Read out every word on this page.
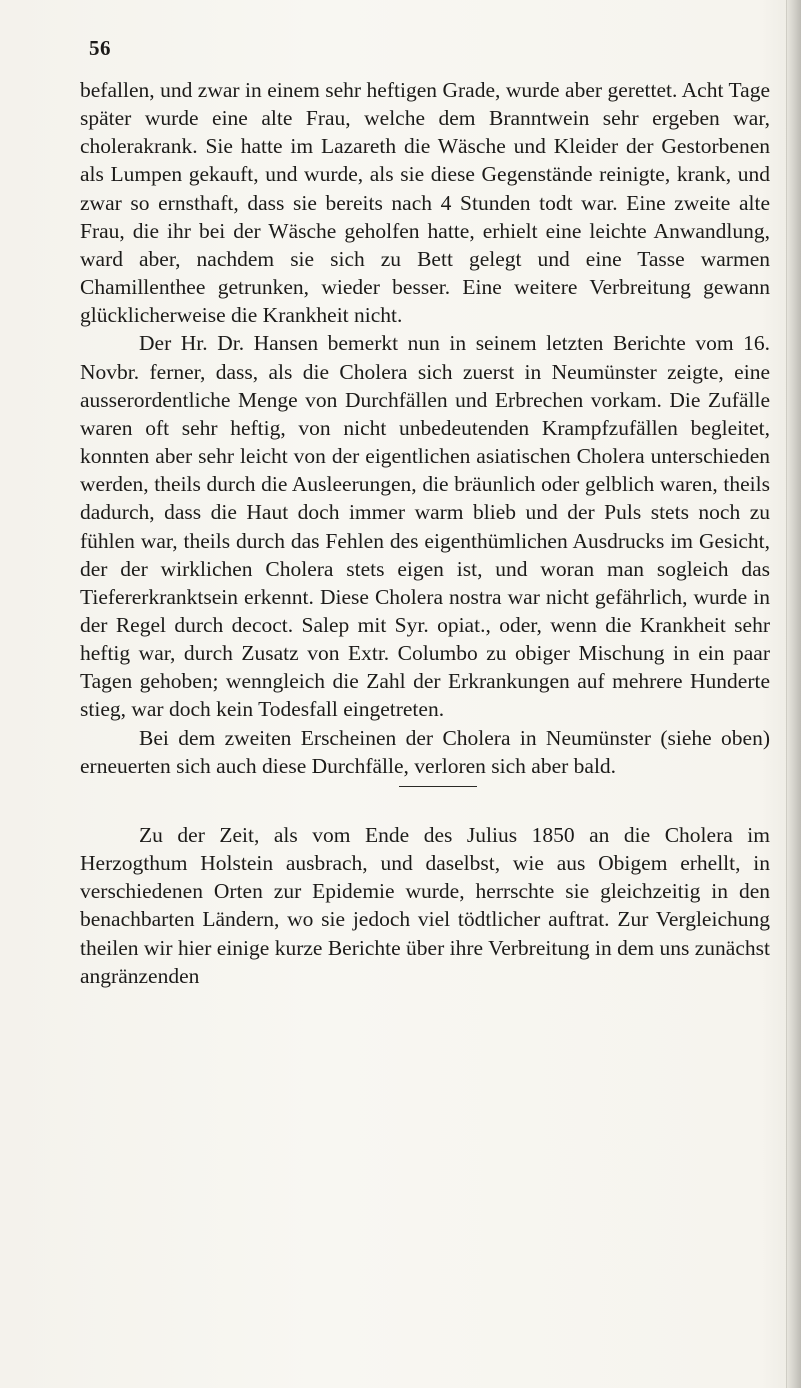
56

befallen, und zwar in einem sehr heftigen Grade, wurde aber gerettet. Acht Tage später wurde eine alte Frau, welche dem Branntwein sehr ergeben war, cholerakrank. Sie hatte im Lazareth die Wäsche und Kleider der Gestorbenen als Lumpen gekauft, und wurde, als sie diese Gegenstände reinigte, krank, und zwar so ernsthaft, dass sie bereits nach 4 Stunden todt war. Eine zweite alte Frau, die ihr bei der Wäsche geholfen hatte, erhielt eine leichte Anwandlung, ward aber, nachdem sie sich zu Bett gelegt und eine Tasse warmen Chamillenthee getrunken, wieder besser. Eine weitere Verbreitung gewann glücklicherweise die Krankheit nicht.

Der Hr. Dr. Hansen bemerkt nun in seinem letzten Berichte vom 16. Novbr. ferner, dass, als die Cholera sich zuerst in Neumünster zeigte, eine ausserordentliche Menge von Durchfällen und Erbrechen vorkam. Die Zufälle waren oft sehr heftig, von nicht unbedeutenden Krampfzufällen begleitet, konnten aber sehr leicht von der eigentlichen asiatischen Cholera unterschieden werden, theils durch die Ausleerungen, die bräunlich oder gelblich waren, theils dadurch, dass die Haut doch immer warm blieb und der Puls stets noch zu fühlen war, theils durch das Fehlen des eigenthümlichen Ausdrucks im Gesicht, der der wirklichen Cholera stets eigen ist, und woran man sogleich das Tiefererkranktsein erkennt. Diese Cholera nostra war nicht gefährlich, wurde in der Regel durch decoct. Salep mit Syr. opiat., oder, wenn die Krankheit sehr heftig war, durch Zusatz von Extr. Columbo zu obiger Mischung in ein paar Tagen gehoben; wenngleich die Zahl der Erkrankungen auf mehrere Hunderte stieg, war doch kein Todesfall eingetreten.

Bei dem zweiten Erscheinen der Cholera in Neumünster (siehe oben) erneuerten sich auch diese Durchfälle, verloren sich aber bald.

Zu der Zeit, als vom Ende des Julius 1850 an die Cholera im Herzogthum Holstein ausbrach, und daselbst, wie aus Obigem erhellt, in verschiedenen Orten zur Epidemie wurde, herrschte sie gleichzeitig in den benachbarten Ländern, wo sie jedoch viel tödtlicher auftrat. Zur Vergleichung theilen wir hier einige kurze Berichte über ihre Verbreitung in dem uns zunächst angränzenden
